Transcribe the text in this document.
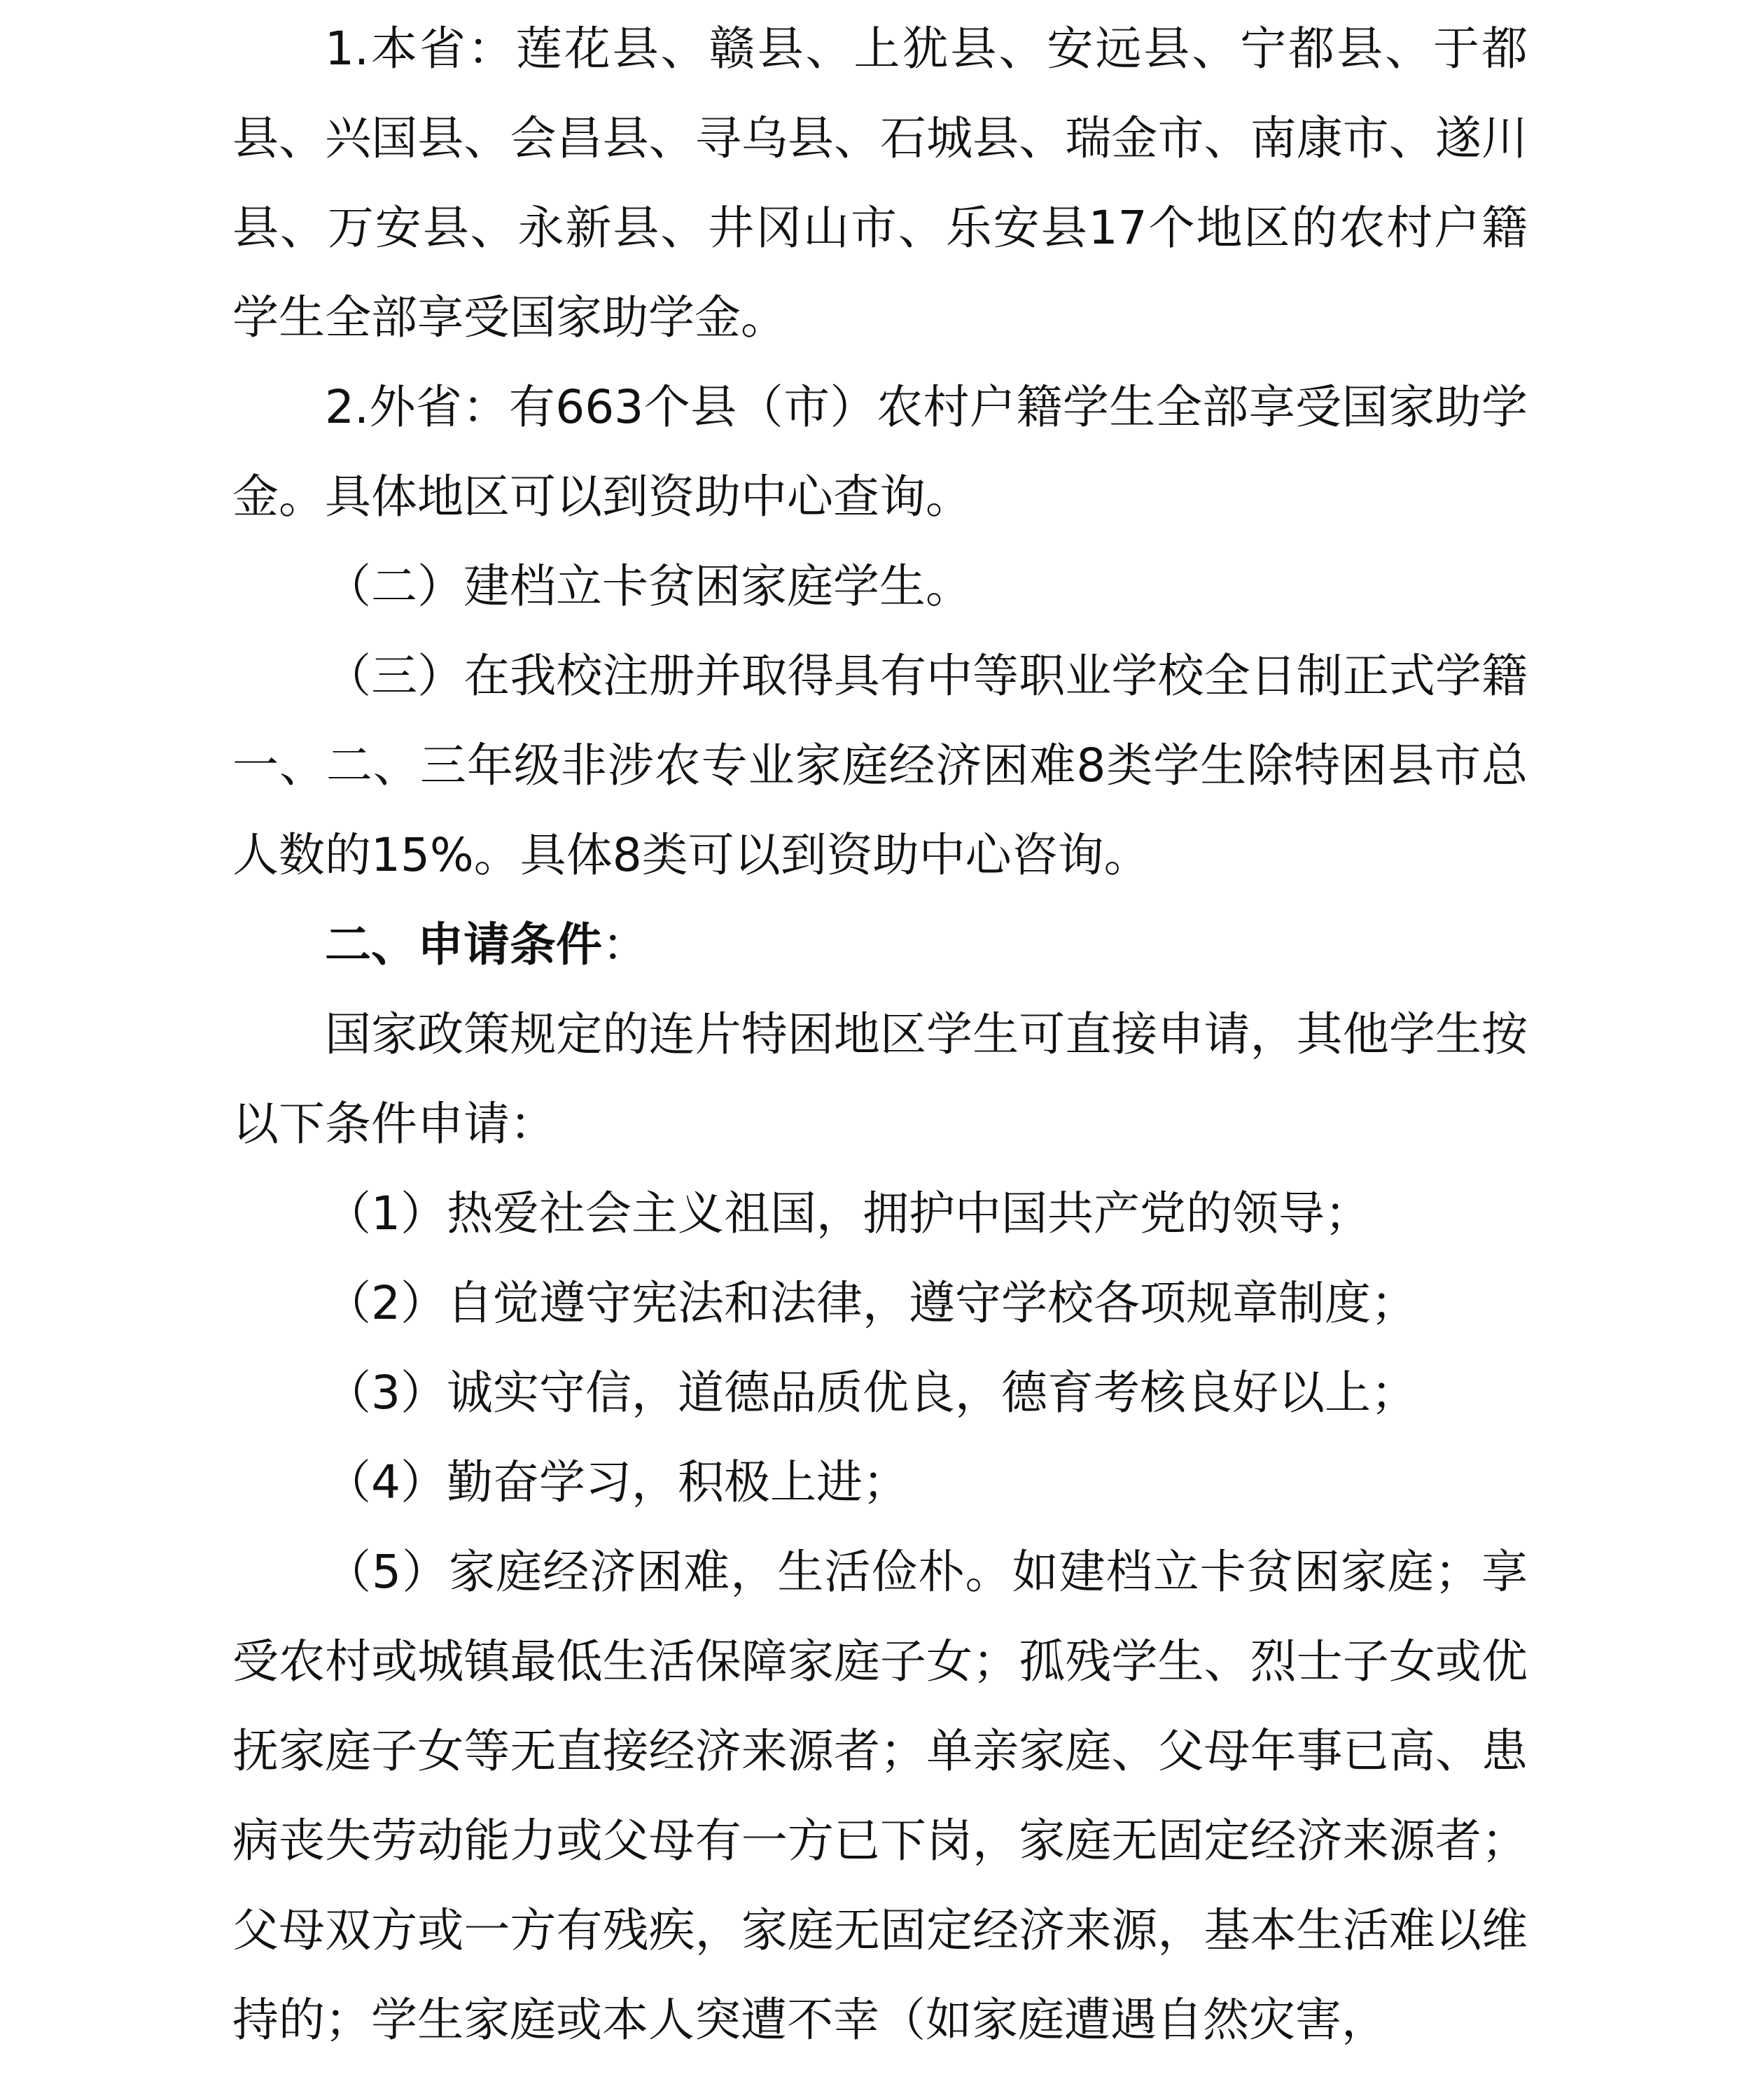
1.本省：莲花县、赣县、上犹县、安远县、宁都县、于都县、兴国县、会昌县、寻乌县、石城县、瑞金市、南康市、遂川县、万安县、永新县、井冈山市、乐安县17个地区的农村户籍学生全部享受国家助学金。

2.外省：有663个县（市）农村户籍学生全部享受国家助学金。具体地区可以到资助中心查询。

（二）建档立卡贫困家庭学生。

（三）在我校注册并取得具有中等职业学校全日制正式学籍一、二、三年级非涉农专业家庭经济困难8类学生除特困县市总人数的15%。具体8类可以到资助中心咨询。

二、申请条件：

国家政策规定的连片特困地区学生可直接申请，其他学生按以下条件申请：

（1）热爱社会主义祖国，拥护中国共产党的领导；

（2）自觉遵守宪法和法律，遵守学校各项规章制度；

（3）诚实守信，道德品质优良，德育考核良好以上；

（4）勤奋学习，积极上进；

（5）家庭经济困难，生活俭朴。如建档立卡贫困家庭；享受农村或城镇最低生活保障家庭子女；孤残学生、烈士子女或优抚家庭子女等无直接经济来源者；单亲家庭、父母年事已高、患病丧失劳动能力或父母有一方已下岗，家庭无固定经济来源者；父母双方或一方有残疾，家庭无固定经济来源，基本生活难以维持的；学生家庭或本人突遭不幸（如家庭遭遇自然灾害，
